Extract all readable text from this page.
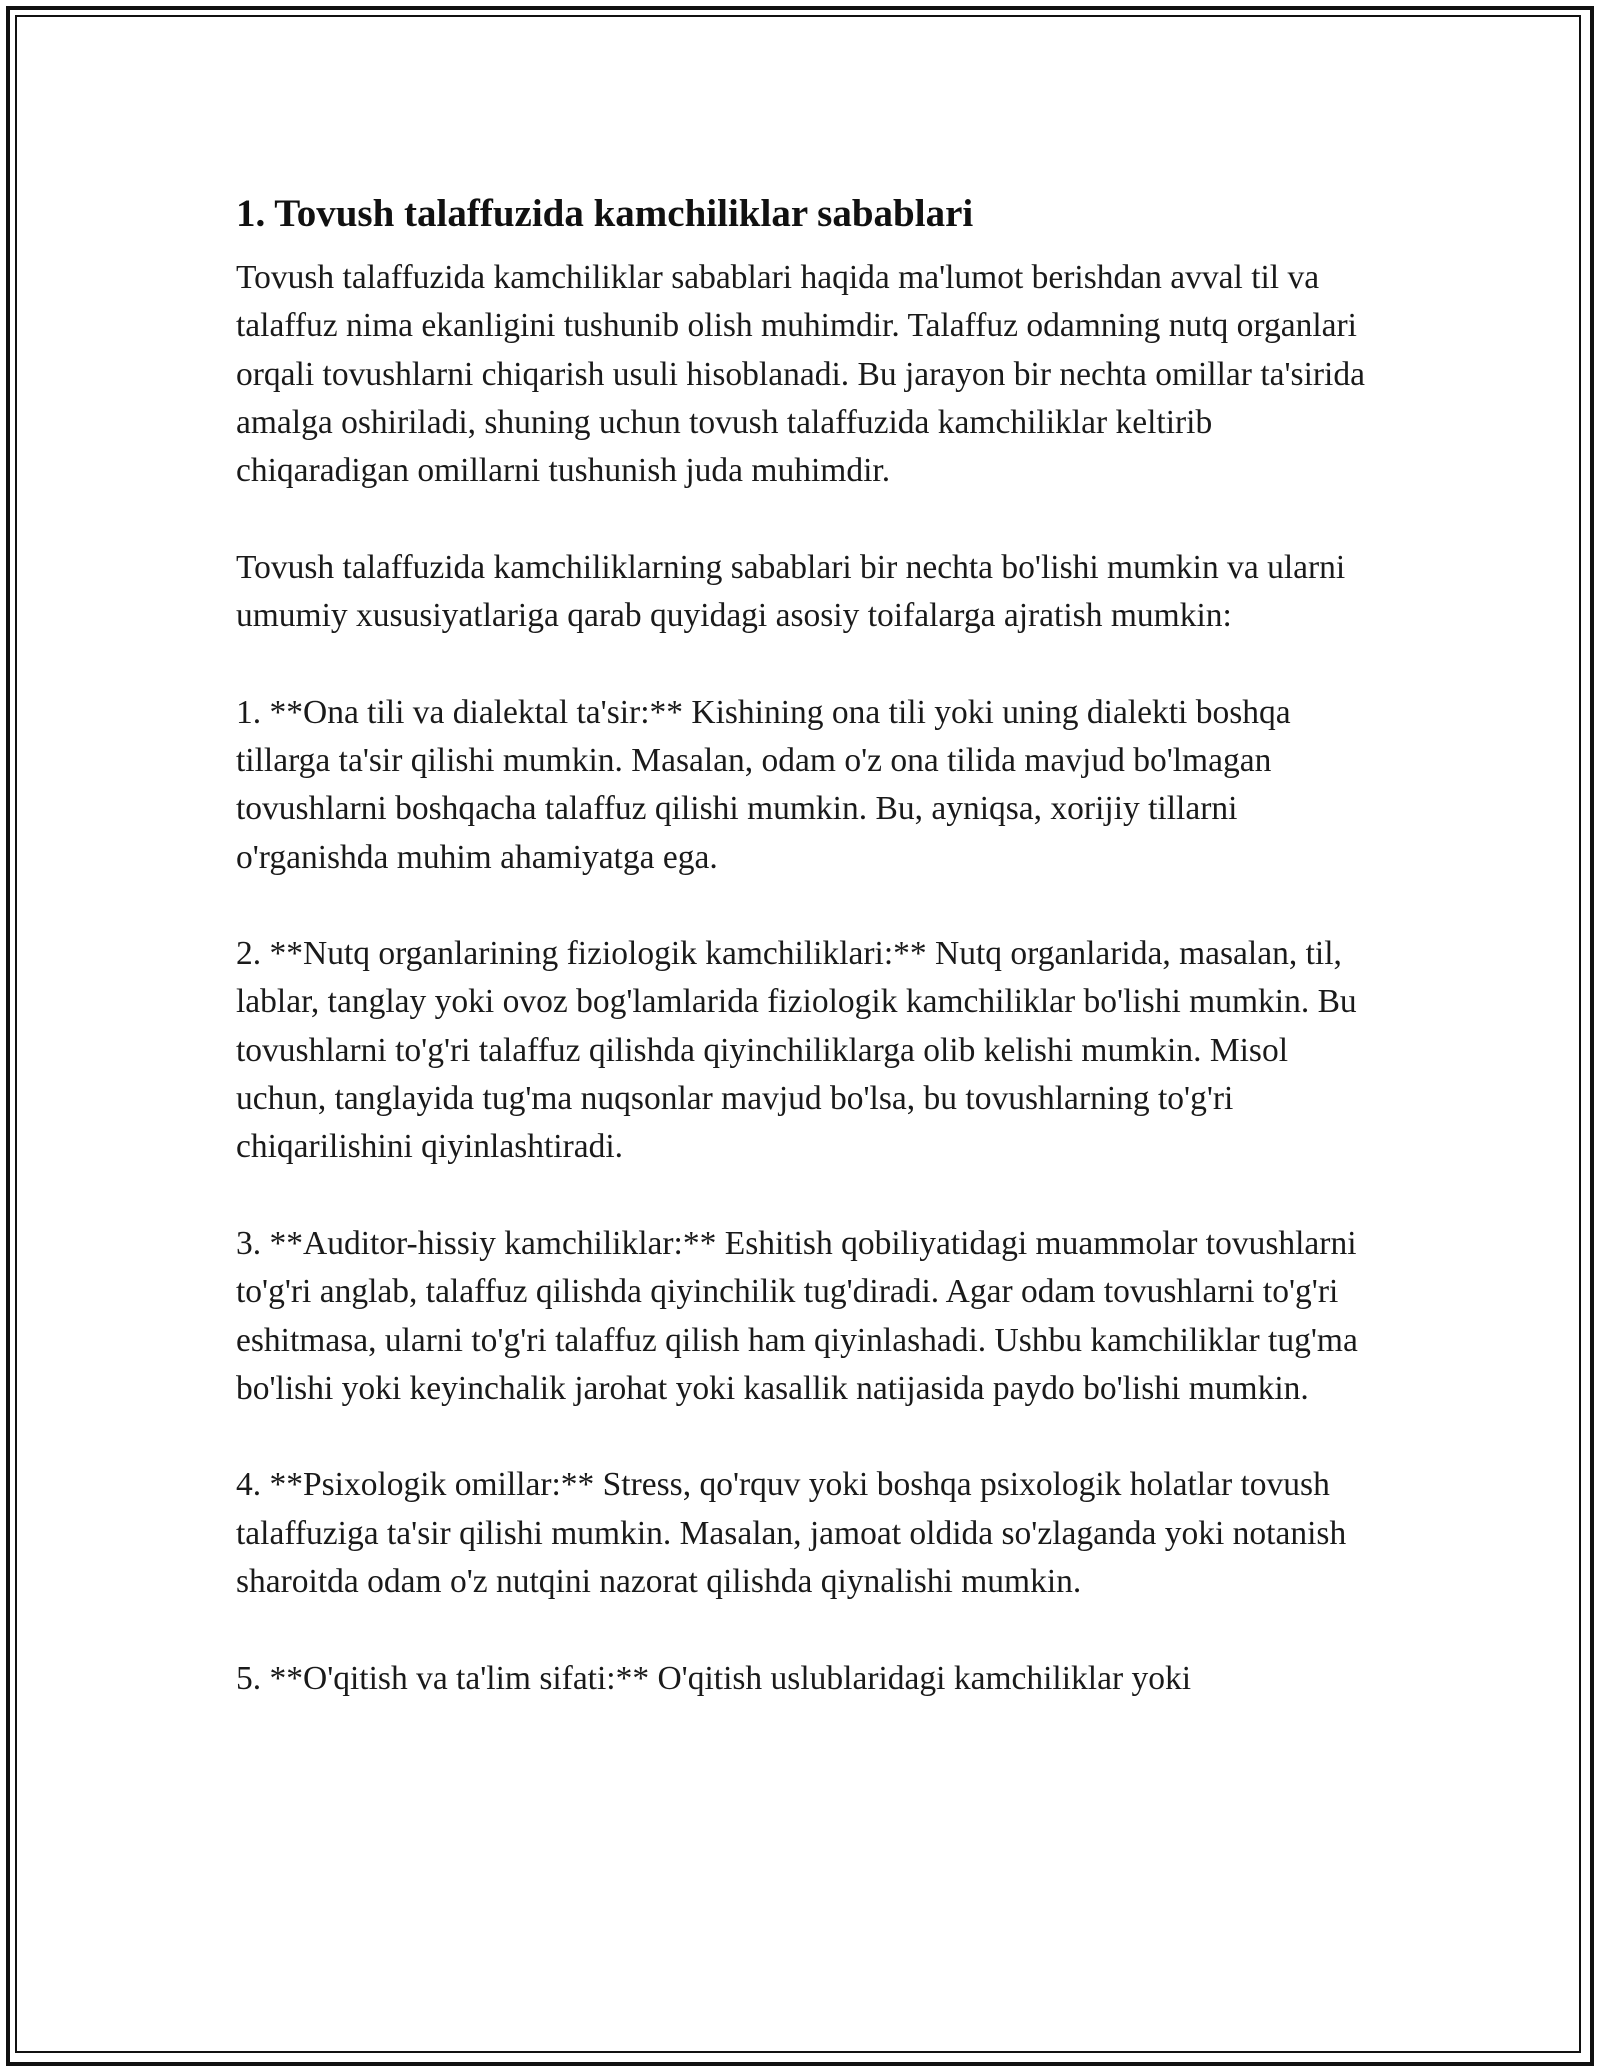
1. Tovush talaffuzida kamchiliklar sabablari

Tovush talaffuzida kamchiliklar sabablari haqida ma'lumot berishdan avval til va talaffuz nima ekanligini tushunib olish muhimdir. Talaffuz odamning nutq organlari orqali tovushlarni chiqarish usuli hisoblanadi. Bu jarayon bir nechta omillar ta'sirida amalga oshiriladi, shuning uchun tovush talaffuzida kamchiliklar keltirib chiqaradigan omillarni tushunish juda muhimdir.

Tovush talaffuzida kamchiliklarning sabablari bir nechta bo'lishi mumkin va ularni umumiy xususiyatlariga qarab quyidagi asosiy toifalarga ajratish mumkin:

1. **Ona tili va dialektal ta'sir:** Kishining ona tili yoki uning dialekti boshqa tillarga ta'sir qilishi mumkin. Masalan, odam o'z ona tilida mavjud bo'lmagan tovushlarni boshqacha talaffuz qilishi mumkin. Bu, ayniqsa, xorijiy tillarni o'rganishda muhim ahamiyatga ega.

2. **Nutq organlarining fiziologik kamchiliklari:** Nutq organlarida, masalan, til, lablar, tanglay yoki ovoz bog'lamlarida fiziologik kamchiliklar bo'lishi mumkin. Bu tovushlarni to'g'ri talaffuz qilishda qiyinchiliklarga olib kelishi mumkin. Misol uchun, tanglayida tug'ma nuqsonlar mavjud bo'lsa, bu tovushlarning to'g'ri chiqarilishini qiyinlashtiradi.

3. **Auditor-hissiy kamchiliklar:** Eshitish qobiliyatidagi muammolar tovushlarni to'g'ri anglab, talaffuz qilishda qiyinchilik tug'diradi. Agar odam tovushlarni to'g'ri eshitmasa, ularni to'g'ri talaffuz qilish ham qiyinlashadi. Ushbu kamchiliklar tug'ma bo'lishi yoki keyinchalik jarohat yoki kasallik natijasida paydo bo'lishi mumkin.

4. **Psixologik omillar:** Stress, qo'rquv yoki boshqa psixologik holatlar tovush talaffuziga ta'sir qilishi mumkin. Masalan, jamoat oldida so'zlaganda yoki notanish sharoitda odam o'z nutqini nazorat qilishda qiynalishi mumkin.

5. **O'qitish va ta'lim sifati:** O'qitish uslublaridagi kamchiliklar yoki
